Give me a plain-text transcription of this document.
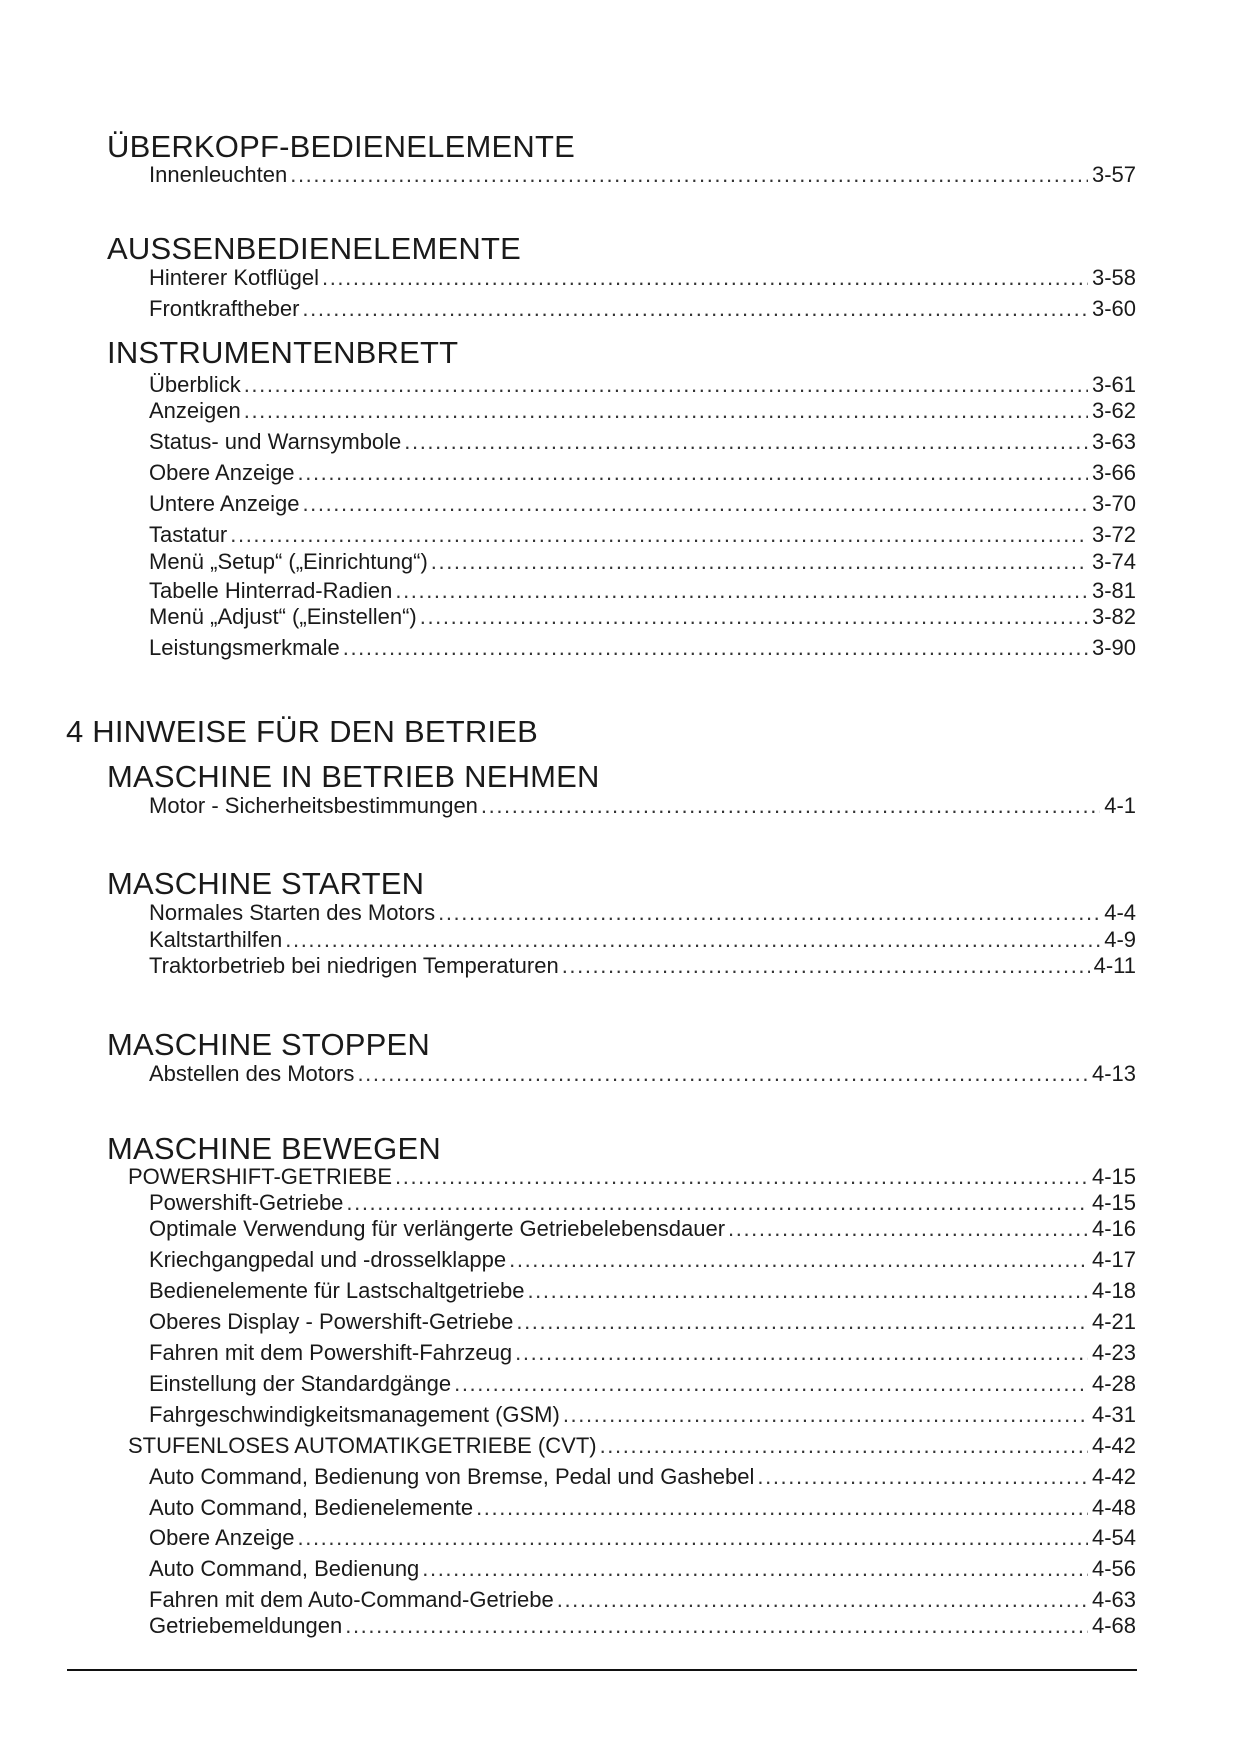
ÜBERKOPF-BEDIENELEMENTE
Innenleuchten .....	3-57
AUSSENBEDIENELEMENTE
Hinterer Kotflügel .....	3-58
Frontkraftheber .....	3-60
INSTRUMENTENBRETT
Überblick .....	3-61
Anzeigen .....	3-62
Status- und Warnsymbole .....	3-63
Obere Anzeige .....	3-66
Untere Anzeige .....	3-70
Tastatur .....	3-72
Menü „Setup“ („Einrichtung“) .....	3-74
Tabelle Hinterrad-Radien .....	3-81
Menü „Adjust“ („Einstellen“) .....	3-82
Leistungsmerkmale .....	3-90
4 HINWEISE FÜR DEN BETRIEB
MASCHINE IN BETRIEB NEHMEN
Motor - Sicherheitsbestimmungen .....	4-1
MASCHINE STARTEN
Normales Starten des Motors .....	4-4
Kaltstarthilfen .....	4-9
Traktorbetrieb bei niedrigen Temperaturen .....	4-11
MASCHINE STOPPEN
Abstellen des Motors .....	4-13
MASCHINE BEWEGEN
POWERSHIFT-GETRIEBE .....	4-15
Powershift-Getriebe .....	4-15
Optimale Verwendung für verlängerte Getriebelebensdauer .....	4-16
Kriechgangpedal und -drosselklappe .....	4-17
Bedienelemente für Lastschaltgetriebe .....	4-18
Oberes Display - Powershift-Getriebe .....	4-21
Fahren mit dem Powershift-Fahrzeug .....	4-23
Einstellung der Standardgänge .....	4-28
Fahrgeschwindigkeitsmanagement (GSM) .....	4-31
STUFENLOSES AUTOMATIKGETRIEBE (CVT) .....	4-42
Auto Command, Bedienung von Bremse, Pedal und Gashebel .....	4-42
Auto Command, Bedienelemente .....	4-48
Obere Anzeige .....	4-54
Auto Command, Bedienung .....	4-56
Fahren mit dem Auto-Command-Getriebe .....	4-63
Getriebemeldungen .....	4-68
